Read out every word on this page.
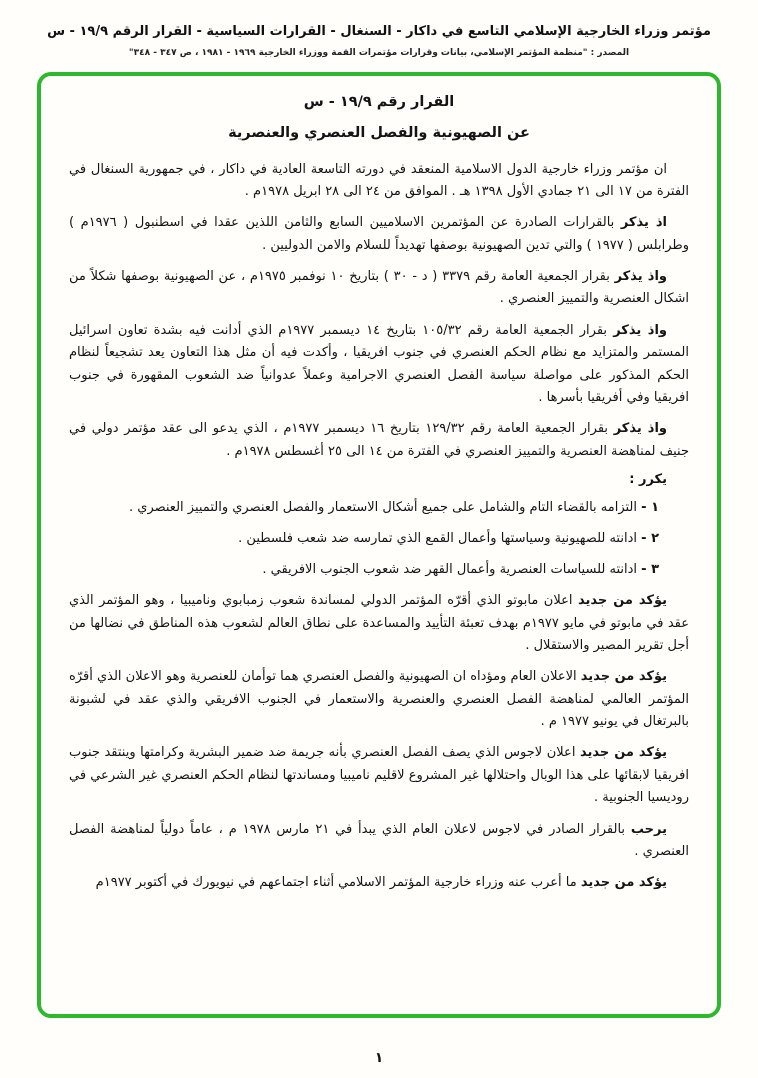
مؤتمر وزراء الخارجية الإسلامي التاسع في داكار - السنغال - القرارات السياسية - القرار الرقم ١٩/٩ - س
المصدر : "منظمة المؤتمر الإسلامي، بيانات وقرارات مؤتمرات القمة ووزراء الخارجية ١٩٦٩ - ١٩٨١ ، ص ٣٤٧ - ٣٤٨"
القرار رقم ١٩/٩ - س
عن الصهيونية والفصل العنصري والعنصرية

ان مؤتمر وزراء خارجية الدول الاسلامية المنعقد في دورته التاسعة العادية في داكار ، في جمهورية السنغال في الفترة من ١٧ الى ٢١ جمادي الأول ١٣٩٨ هـ . الموافق من ٢٤ الى ٢٨ ابريل ١٩٧٨م .

اذ يذكر بالقرارات الصادرة عن المؤتمرين الاسلاميين السابع والثامن اللذين عقدا في اسطنبول ( ١٩٧٦م ) وطرابلس ( ١٩٧٧ ) والتي تدين الصهيونية بوصفها تهديداً للسلام والامن الدوليين .

واذ يذكر بقرار الجمعية العامة رقم ٣٣٧٩ ( د - ٣٠ ) بتاريخ ١٠ نوفمبر ١٩٧٥م ، عن الصهيونية بوصفها شكلاً من اشكال العنصرية والتمييز العنصري .

واذ يذكر بقرار الجمعية العامة رقم ١٠٥/٣٢ بتاريخ ١٤ ديسمبر ١٩٧٧م الذي أدانت فيه بشدة تعاون اسرائيل المستمر والمتزايد مع نظام الحكم العنصري في جنوب افريقيا ، وأكدت فيه أن مثل هذا التعاون يعد تشجيعاً لنظام الحكم المذكور على مواصلة سياسة الفصل العنصري الاجرامية وعملاً عدوانياً ضد الشعوب المقهورة في جنوب افريقيا وفي أفريقيا بأسرها .

واذ يذكر بقرار الجمعية العامة رقم ١٢٩/٣٢ بتاريخ ١٦ ديسمبر ١٩٧٧م ، الذي يدعو الى عقد مؤتمر دولي في جنيف لمناهضة العنصرية والتمييز العنصري في الفترة من ١٤ الى ٢٥ أغسطس ١٩٧٨م .

يكرر :

١ - التزامه بالقضاء التام والشامل على جميع أشكال الاستعمار والفصل العنصري والتمييز العنصري .

٢ - ادانته للصهيونية وسياستها وأعمال القمع الذي تمارسه ضد شعب فلسطين .

٣ - ادانته للسياسات العنصرية وأعمال القهر ضد شعوب الجنوب الافريقي .

يؤكد من جديد اعلان مابوتو الذي أقرّه المؤتمر الدولي لمساندة شعوب زمبابوي وناميبيا ، وهو المؤتمر الذي عقد في مابوتو في مايو ١٩٧٧م بهدف تعبئة التأييد والمساعدة على نطاق العالم لشعوب هذه المناطق في نضالها من أجل تقرير المصير والاستقلال .

يؤكد من جديد الاعلان العام ومؤداه ان الصهيونية والفصل العنصري هما توأمان للعنصرية وهو الاعلان الذي أقرّه المؤتمر العالمي لمناهضة الفصل العنصري والعنصرية والاستعمار في الجنوب الافريقي والذي عقد في لشبونة بالبرتغال في يونيو ١٩٧٧ م .

يؤكد من جديد اعلان لاجوس الذي يصف الفصل العنصري بأنه جريمة ضد ضمير البشرية وكرامتها وينتقد جنوب افريقيا لابقائها على هذا الوبال واحتلالها غير المشروع لاقليم ناميبيا ومساندتها لنظام الحكم العنصري غير الشرعي في روديسيا الجنوبية .

يرحب بالقرار الصادر في لاجوس لاعلان العام الذي يبدأ في ٢١ مارس ١٩٧٨ م ، عاماً دولياً لمناهضة الفصل العنصري .

يؤكد من جديد ما أعرب عنه وزراء خارجية المؤتمر الاسلامي أثناء اجتماعهم في نيويورك في أكتوبر ١٩٧٧م

١
